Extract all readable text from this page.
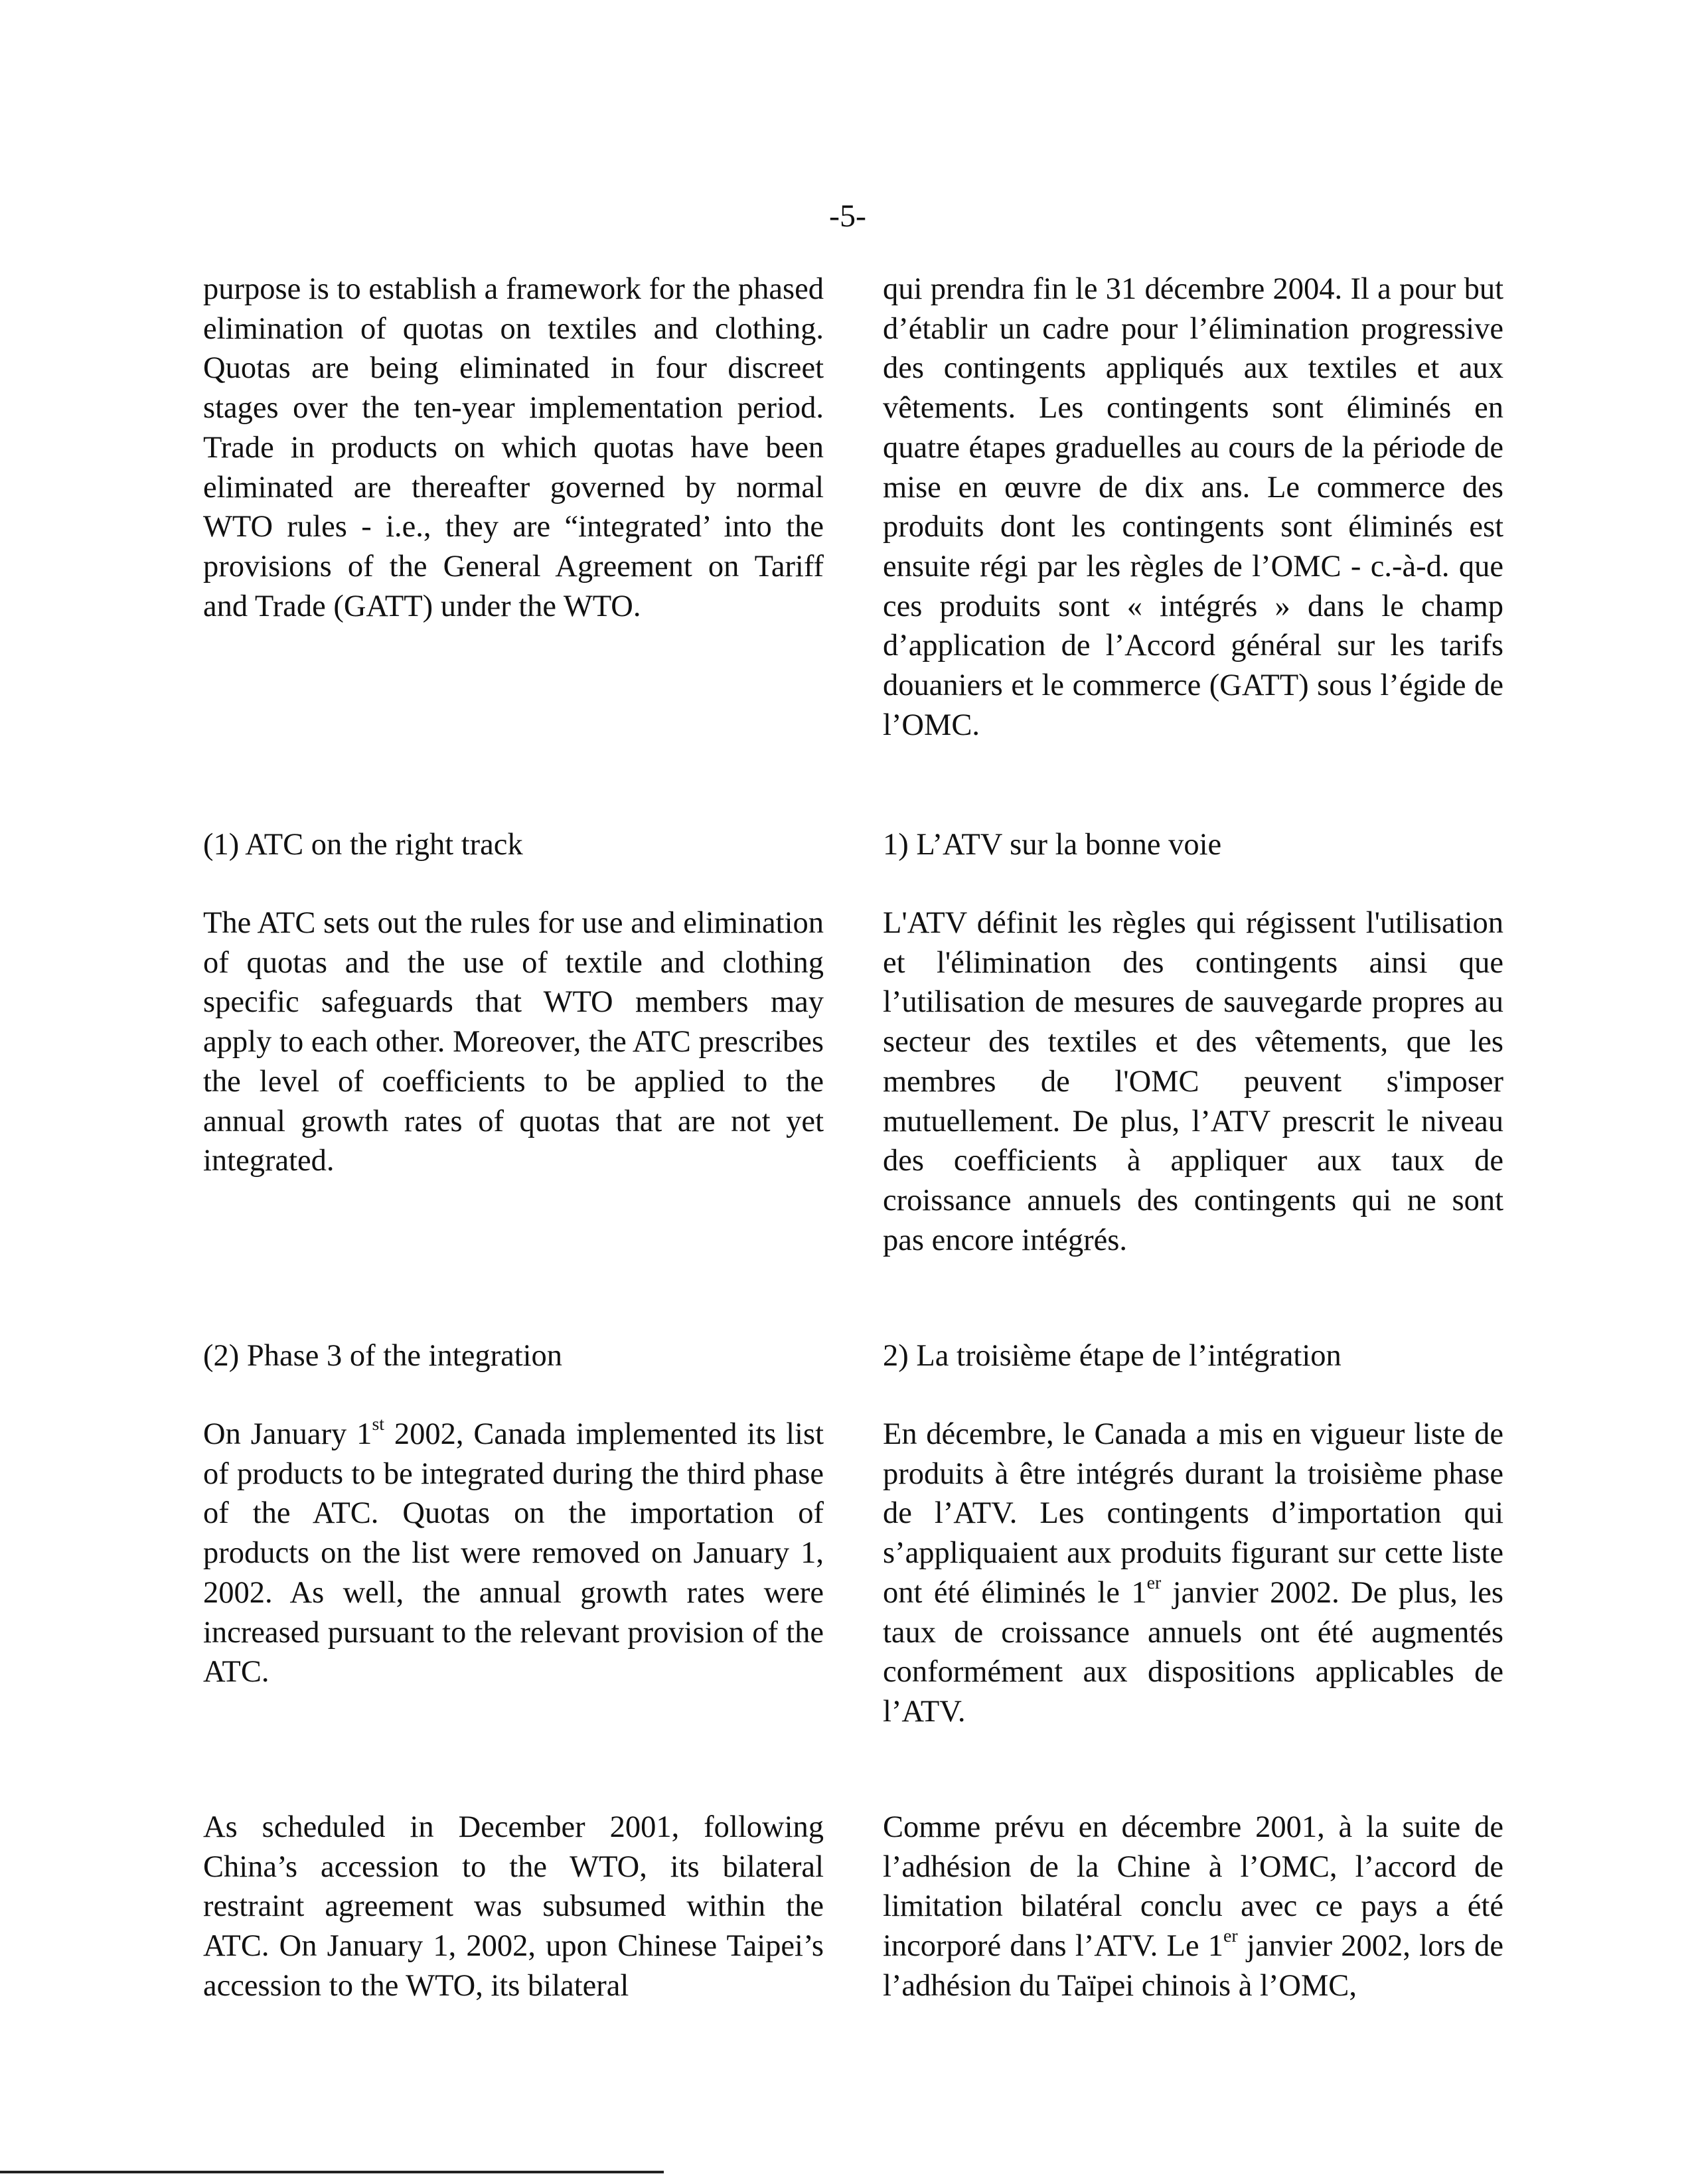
-5-

purpose is to establish a framework for the phased elimination of quotas on textiles and clothing. Quotas are being eliminated in four discreet stages over the ten-year implementation period. Trade in products on which quotas have been eliminated are thereafter governed by normal WTO rules - i.e., they are “integrated’ into the provisions of the General Agreement on Tariff and Trade (GATT) under the WTO.

(1) ATC on the right track

The ATC sets out the rules for use and elimination of quotas and the use of textile and clothing specific safeguards that WTO members may apply to each other. Moreover, the ATC prescribes the level of coefficients to be applied to the annual growth rates of quotas that are not yet integrated.

(2) Phase 3 of the integration

On January 1st 2002, Canada implemented its list of products to be integrated during the third phase of the ATC. Quotas on the importation of products on the list were removed on January 1, 2002. As well, the annual growth rates were increased pursuant to the relevant provision of the ATC.

As scheduled in December 2001, following China’s accession to the WTO, its bilateral restraint agreement was subsumed within the ATC. On January 1, 2002, upon Chinese Taipei’s accession to the WTO, its bilateral

qui prendra fin le 31 décembre 2004. Il a pour but d’établir un cadre pour l’élimination progressive des contingents appliqués aux textiles et aux vêtements. Les contingents sont éliminés en quatre étapes graduelles au cours de la période de mise en œuvre de dix ans. Le commerce des produits dont les contingents sont éliminés est ensuite régi par les règles de l’OMC - c.-à-d. que ces produits sont « intégrés » dans le champ d’application de l’Accord général sur les tarifs douaniers et le commerce (GATT) sous l’égide de l’OMC.

1) L’ATV sur la bonne voie

L'ATV définit les règles qui régissent l'utilisation et l'élimination des contingents ainsi que l’utilisation de mesures de sauvegarde propres au secteur des textiles et des vêtements, que les membres de l'OMC peuvent s'imposer mutuellement. De plus, l’ATV prescrit le niveau des coefficients à appliquer aux taux de croissance annuels des contingents qui ne sont pas encore intégrés.

2) La troisième étape de l’intégration

En décembre, le Canada a mis en vigueur liste de produits à être intégrés durant la troisième phase de l’ATV. Les contingents d’importation qui s’appliquaient aux produits figurant sur cette liste ont été éliminés le 1er janvier 2002. De plus, les taux de croissance annuels ont été augmentés conformément aux dispositions applicables de l’ATV.

Comme prévu en décembre 2001, à la suite de l’adhésion de la Chine à l’OMC, l’accord de limitation bilatéral conclu avec ce pays a été incorporé dans l’ATV. Le 1er janvier 2002, lors de l’adhésion du Taïpei chinois à l’OMC,
